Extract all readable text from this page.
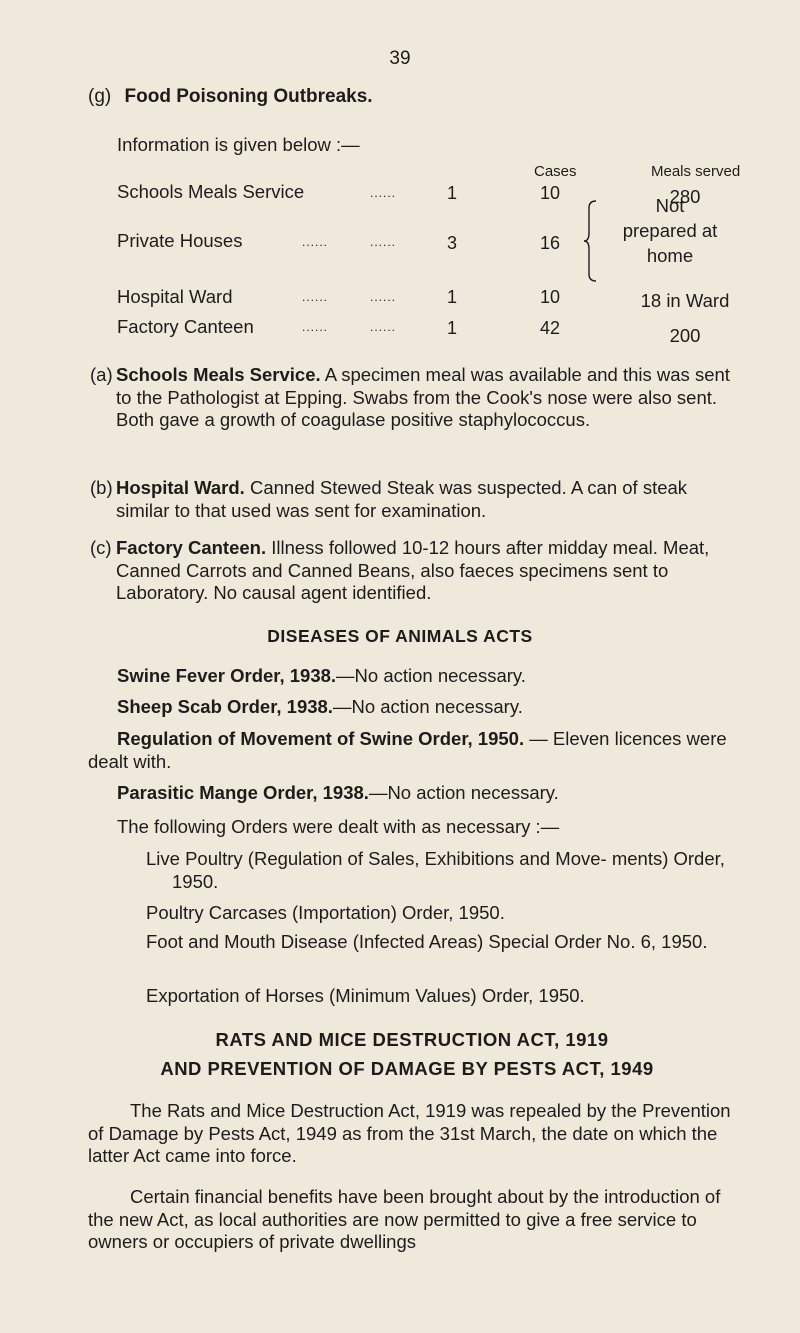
39
(g) Food Poisoning Outbreaks.
Information is given below :—
Cases	Meals served
Schools Meals Service	......	1	10	280
Private Houses	......	......	3	16
Not
prepared at
home
Hospital Ward	......	......	1	10	18 in Ward
Factory Canteen	......	......	1	42	200
(a) Schools Meals Service. A specimen meal was available and this was sent to the Pathologist at Epping. Swabs from the Cook's nose were also sent. Both gave a growth of coagulase positive staphylococcus.
(b) Hospital Ward. Canned Stewed Steak was suspected. A can of steak similar to that used was sent for examination.
(c) Factory Canteen. Illness followed 10-12 hours after midday meal. Meat, Canned Carrots and Canned Beans, also faeces specimens sent to Laboratory. No causal agent identified.
DISEASES OF ANIMALS ACTS
Swine Fever Order, 1938.—No action necessary.
Sheep Scab Order, 1938.—No action necessary.
Regulation of Movement of Swine Order, 1950. — Eleven licences were dealt with.
Parasitic Mange Order, 1938.—No action necessary.
The following Orders were dealt with as necessary :—
Live Poultry (Regulation of Sales, Exhibitions and Move- ments) Order, 1950.
Poultry Carcases (Importation) Order, 1950.
Foot and Mouth Disease (Infected Areas) Special Order No. 6, 1950.
Exportation of Horses (Minimum Values) Order, 1950.
RATS AND MICE DESTRUCTION ACT, 1919
AND PREVENTION OF DAMAGE BY PESTS ACT, 1949
The Rats and Mice Destruction Act, 1919 was repealed by the Prevention of Damage by Pests Act, 1949 as from the 31st March, the date on which the latter Act came into force.
Certain financial benefits have been brought about by the introduction of the new Act, as local authorities are now permitted to give a free service to owners or occupiers of private dwellings
